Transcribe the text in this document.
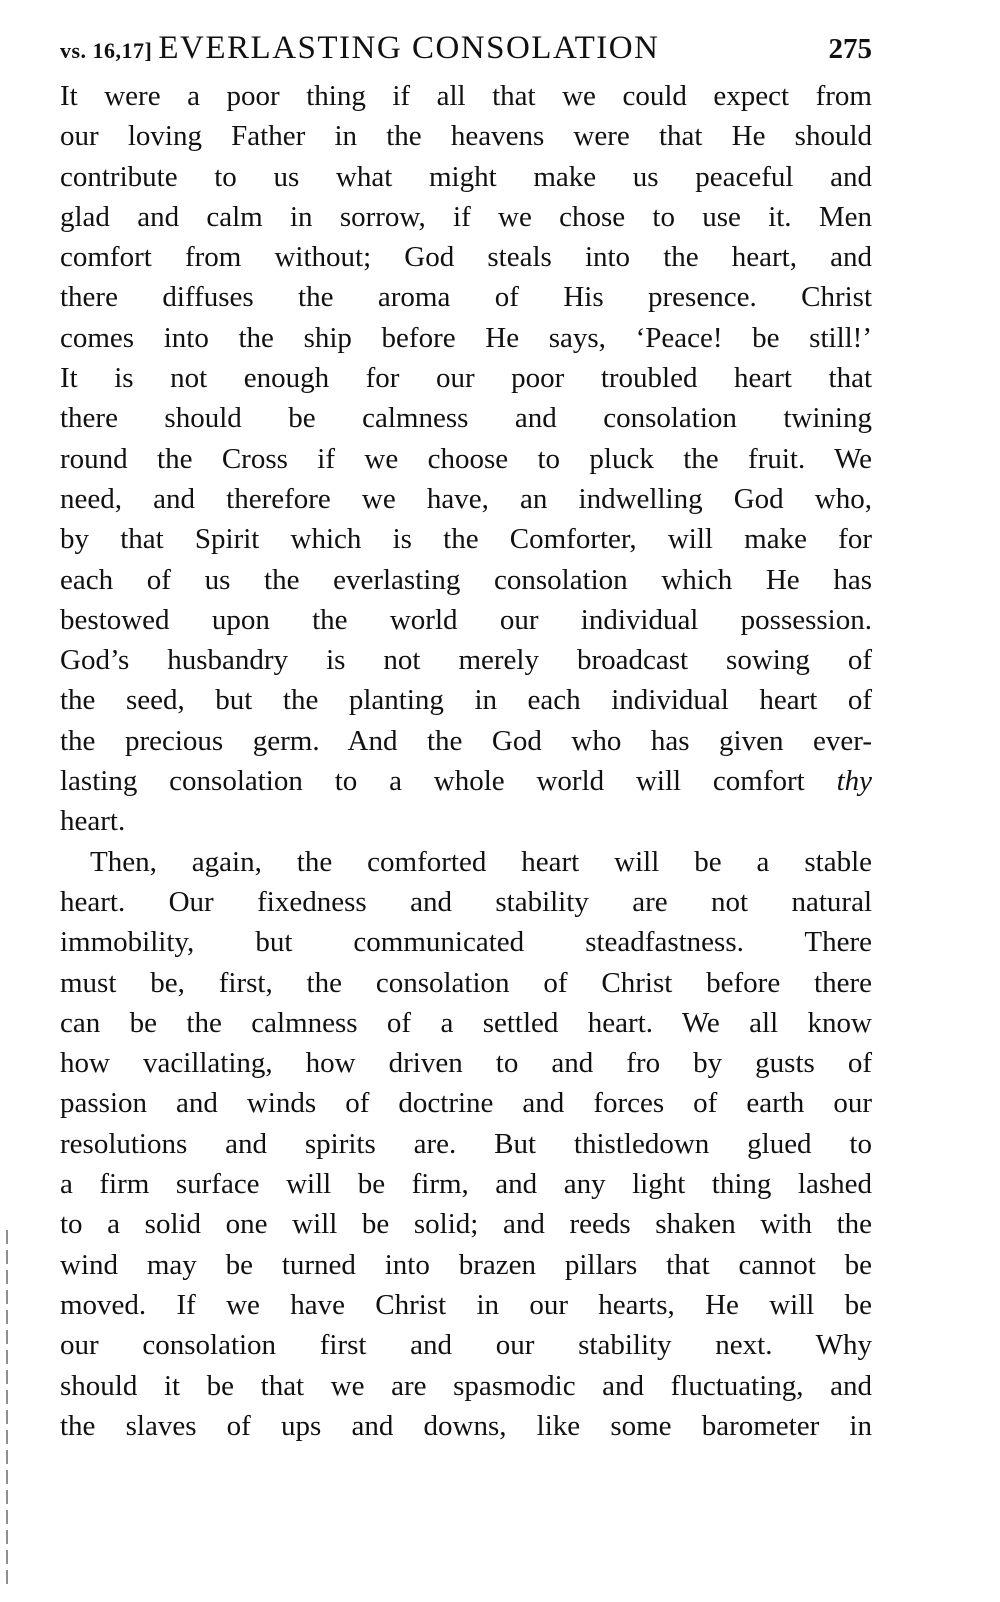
vs. 16,17] EVERLASTING CONSOLATION	275

It were a poor thing if all that we could expect from
our loving Father in the heavens were that He should
contribute to us what might make us peaceful and
glad and calm in sorrow, if we chose to use it. Men
comfort from without; God steals into the heart, and
there diffuses the aroma of His presence. Christ
comes into the ship before He says, ‘Peace! be still!’
It is not enough for our poor troubled heart that
there should be calmness and consolation twining
round the Cross if we choose to pluck the fruit. We
need, and therefore we have, an indwelling God who,
by that Spirit which is the Comforter, will make for
each of us the everlasting consolation which He has
bestowed upon the world our individual possession.
God’s husbandry is not merely broadcast sowing of
the seed, but the planting in each individual heart of
the precious germ. And the God who has given ever-
lasting consolation to a whole world will comfort thy
heart.

Then, again, the comforted heart will be a stable
heart. Our fixedness and stability are not natural
immobility, but communicated steadfastness. There
must be, first, the consolation of Christ before there
can be the calmness of a settled heart. We all know
how vacillating, how driven to and fro by gusts of
passion and winds of doctrine and forces of earth our
resolutions and spirits are. But thistledown glued to
a firm surface will be firm, and any light thing lashed
to a solid one will be solid; and reeds shaken with the
wind may be turned into brazen pillars that cannot be
moved. If we have Christ in our hearts, He will be
our consolation first and our stability next. Why
should it be that we are spasmodic and fluctuating, and
the slaves of ups and downs, like some barometer in
